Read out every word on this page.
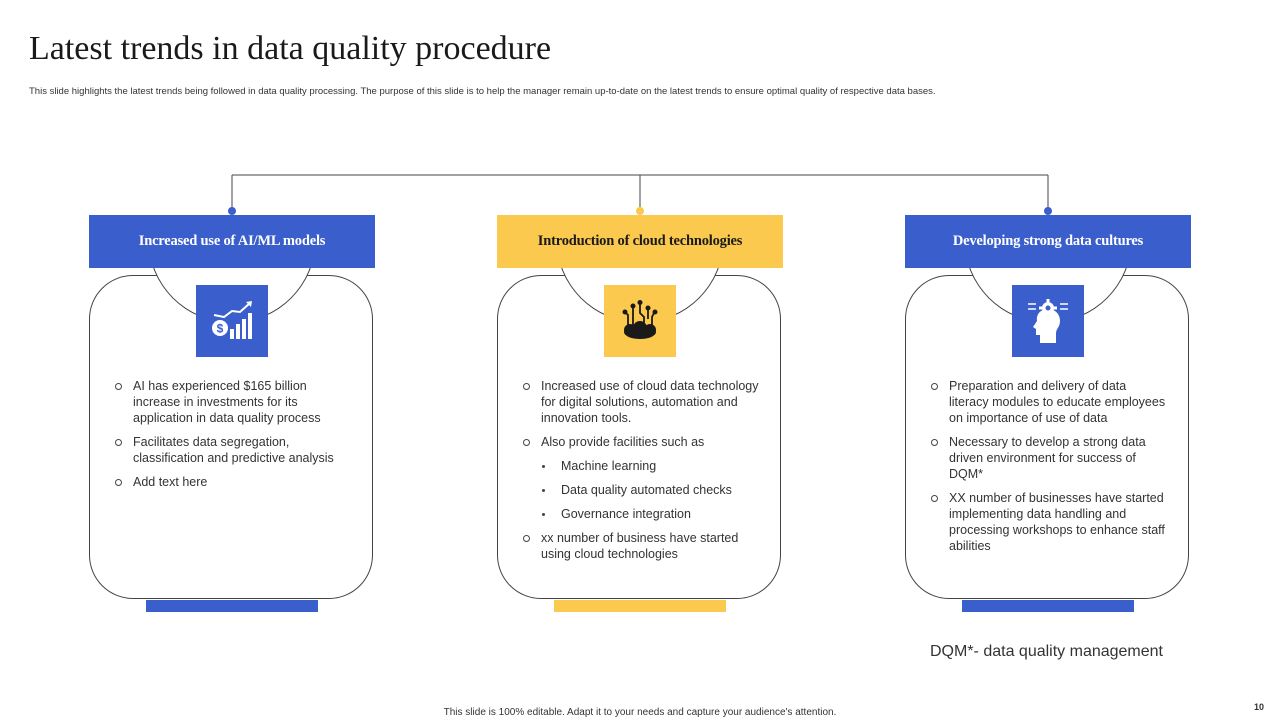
Latest trends in data quality procedure
This slide highlights the latest trends being followed in data quality processing. The purpose of this slide is to help the manager remain up-to-date on the latest trends to ensure optimal quality of respective data bases.
Increased use of AI/ML models
$
AI has experienced $165 billion increase in investments for its application in data quality process
Facilitates data segregation, classification and predictive analysis
Add text here
Introduction of cloud technologies
Increased use of cloud data technology for digital solutions, automation and innovation tools.
Also provide facilities such as
Machine learning
Data quality automated checks
Governance integration
xx number of business have started using cloud technologies
Developing strong data cultures
Preparation and delivery of data literacy modules to educate employees on importance of use of data
Necessary to develop a strong data driven environment for success of DQM*
XX number of businesses have started implementing data handling and processing workshops to enhance staff abilities
DQM*- data quality management
This slide is 100% editable. Adapt it to your needs and capture your audience's attention.	10
